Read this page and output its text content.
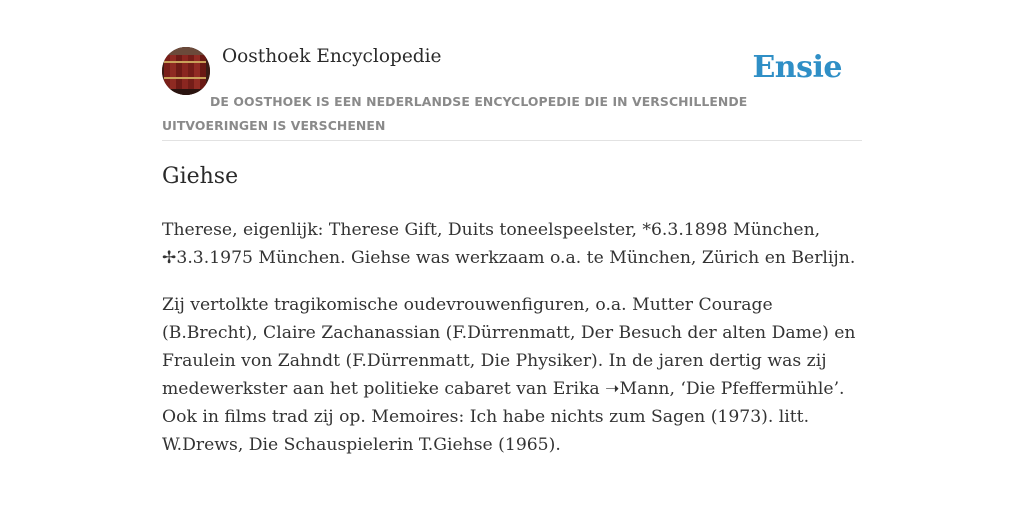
Oosthoek Encyclopedie	Ensie
DE OOSTHOEK IS EEN NEDERLANDSE ENCYCLOPEDIE DIE IN VERSCHILLENDE UITVOERINGEN IS VERSCHENEN
Giehse

Therese, eigenlijk: Therese Gift, Duits toneelspeelster, *6.3.1898 München, ✢3.3.1975 München. Giehse was werkzaam o.a. te München, Zürich en Berlijn.

Zij vertolkte tragikomische oudevrouwenfiguren, o.a. Mutter Courage (B.Brecht), Claire Zachanassian (F.Dürrenmatt, Der Besuch der alten Dame) en Fraulein von Zahndt (F.Dürrenmatt, Die Physiker). In de jaren dertig was zij medewerkster aan het politieke cabaret van Erika ➝Mann, ‘Die Pfeffermühle’. Ook in films trad zij op. Memoires: Ich habe nichts zum Sagen (1973). litt. W.Drews, Die Schauspielerin T.Giehse (1965).
